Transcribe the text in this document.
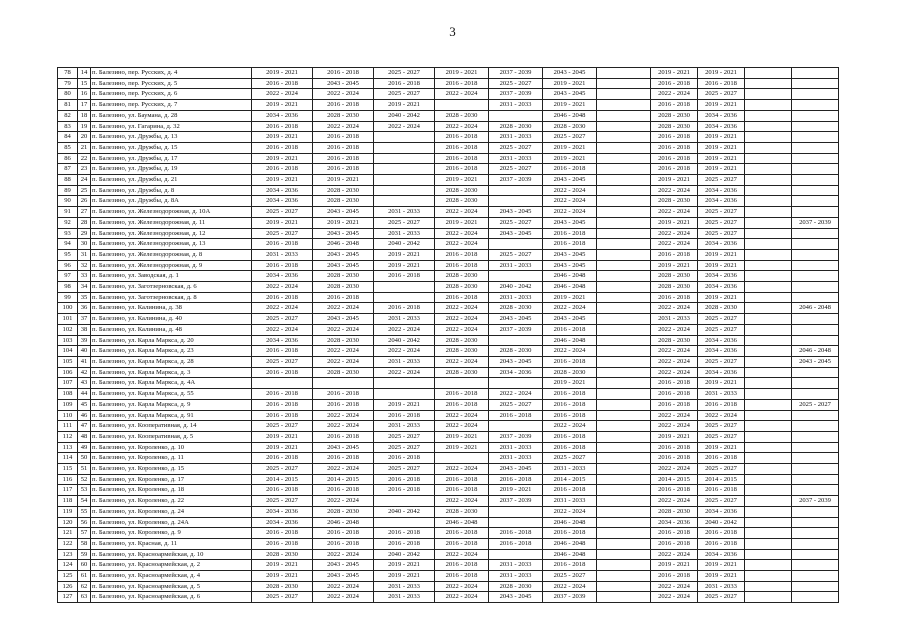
3
78	14	п. Балезино, пер. Русских, д. 4	2019 - 2021	2016 - 2018	2025 - 2027	2019 - 2021	2037 - 2039	2043 - 2045		2019 - 2021	2019 - 2021		
79	15	п. Балезино, пер. Русских, д. 5	2016 - 2018	2043 - 2045	2016 - 2018	2016 - 2018	2025 - 2027	2019 - 2021		2016 - 2018	2016 - 2018		
80	16	п. Балезино, пер. Русских, д. 6	2022 - 2024	2022 - 2024	2025 - 2027	2022 - 2024	2037 - 2039	2043 - 2045		2022 - 2024	2025 - 2027		
81	17	п. Балезино, пер. Русских, д. 7	2019 - 2021	2016 - 2018	2019 - 2021		2031 - 2033	2019 - 2021		2016 - 2018	2019 - 2021		
82	18	п. Балезино, ул. Баумана, д. 28	2034 - 2036	2028 - 2030	2040 - 2042	2028 - 2030		2046 - 2048		2028 - 2030	2034 - 2036		
83	19	п. Балезино, ул. Гагарина, д. 32	2016 - 2018	2022 - 2024	2022 - 2024	2022 - 2024	2028 - 2030	2028 - 2030		2028 - 2030	2034 - 2036		
84	20	п. Балезино, ул. Дружбы, д. 13	2019 - 2021	2016 - 2018		2016 - 2018	2031 - 2033	2025 - 2027		2016 - 2018	2019 - 2021		
85	21	п. Балезино, ул. Дружбы, д. 15	2016 - 2018	2016 - 2018		2016 - 2018	2025 - 2027	2019 - 2021		2016 - 2018	2019 - 2021		
86	22	п. Балезино, ул. Дружбы, д. 17	2019 - 2021	2016 - 2018		2016 - 2018	2031 - 2033	2019 - 2021		2016 - 2018	2019 - 2021		
87	23	п. Балезино, ул. Дружбы, д. 19	2016 - 2018	2016 - 2018		2016 - 2018	2025 - 2027	2016 - 2018		2016 - 2018	2019 - 2021		
88	24	п. Балезино, ул. Дружбы, д. 21	2019 - 2021	2019 - 2021		2019 - 2021	2037 - 2039	2043 - 2045		2019 - 2021	2025 - 2027		
89	25	п. Балезино, ул. Дружбы, д. 8	2034 - 2036	2028 - 2030		2028 - 2030		2022 - 2024		2022 - 2024	2034 - 2036		
90	26	п. Балезино, ул. Дружбы, д. 8А	2034 - 2036	2028 - 2030		2028 - 2030		2022 - 2024		2028 - 2030	2034 - 2036		
91	27	п. Балезино, ул. Железнодорожная, д. 10А	2025 - 2027	2043 - 2045	2031 - 2033	2022 - 2024	2043 - 2045	2022 - 2024		2022 - 2024	2025 - 2027		
92	28	п. Балезино, ул. Железнодорожная, д. 11	2019 - 2021	2019 - 2021	2025 - 2027	2019 - 2021	2025 - 2027	2043 - 2045		2019 - 2021	2025 - 2027		2037 - 2039
93	29	п. Балезино, ул. Железнодорожная, д. 12	2025 - 2027	2043 - 2045	2031 - 2033	2022 - 2024	2043 - 2045	2016 - 2018		2022 - 2024	2025 - 2027		
94	30	п. Балезино, ул. Железнодорожная, д. 13	2016 - 2018	2046 - 2048	2040 - 2042	2022 - 2024		2016 - 2018		2022 - 2024	2034 - 2036		
95	31	п. Балезино, ул. Железнодорожная, д. 8	2031 - 2033	2043 - 2045	2019 - 2021	2016 - 2018	2025 - 2027	2043 - 2045		2016 - 2018	2019 - 2021		
96	32	п. Балезино, ул. Железнодорожная, д. 9	2016 - 2018	2043 - 2045	2019 - 2021	2016 - 2018	2031 - 2033	2043 - 2045		2019 - 2021	2019 - 2021		
97	33	п. Балезино, ул. Заводская, д. 1	2034 - 2036	2028 - 2030	2016 - 2018	2028 - 2030		2046 - 2048		2028 - 2030	2034 - 2036		
98	34	п. Балезино, ул. Заготзерновская, д. 6	2022 - 2024	2028 - 2030		2028 - 2030	2040 - 2042	2046 - 2048		2028 - 2030	2034 - 2036		
99	35	п. Балезино, ул. Заготзерновская, д. 8	2016 - 2018	2016 - 2018		2016 - 2018	2031 - 2033	2019 - 2021		2016 - 2018	2019 - 2021		
100	36	п. Балезино, ул. Калинина, д. 38	2022 - 2024	2022 - 2024	2016 - 2018	2022 - 2024	2028 - 2030	2022 - 2024		2022 - 2024	2028 - 2030		2046 - 2048
101	37	п. Балезино, ул. Калинина, д. 40	2025 - 2027	2043 - 2045	2031 - 2033	2022 - 2024	2043 - 2045	2043 - 2045		2031 - 2033	2025 - 2027		
102	38	п. Балезино, ул. Калинина, д. 48	2022 - 2024	2022 - 2024	2022 - 2024	2022 - 2024	2037 - 2039	2016 - 2018		2022 - 2024	2025 - 2027		
103	39	п. Балезино, ул. Карла Маркса, д. 20	2034 - 2036	2028 - 2030	2040 - 2042	2028 - 2030		2046 - 2048		2028 - 2030	2034 - 2036		
104	40	п. Балезино, ул. Карла Маркса, д. 23	2016 - 2018	2022 - 2024	2022 - 2024	2028 - 2030	2028 - 2030	2022 - 2024		2022 - 2024	2034 - 2036		2046 - 2048
105	41	п. Балезино, ул. Карла Маркса, д. 28	2025 - 2027	2022 - 2024	2031 - 2033	2022 - 2024	2043 - 2045	2016 - 2018		2022 - 2024	2025 - 2027		2043 - 2045
106	42	п. Балезино, ул. Карла Маркса, д. 3	2016 - 2018	2028 - 2030	2022 - 2024	2028 - 2030	2034 - 2036	2028 - 2030		2022 - 2024	2034 - 2036		
107	43	п. Балезино, ул. Карла Маркса, д. 4А						2019 - 2021		2016 - 2018	2019 - 2021		
108	44	п. Балезино, ул. Карла Маркса, д. 55	2016 - 2018	2016 - 2018		2016 - 2018	2022 - 2024	2016 - 2018		2016 - 2018	2031 - 2033		
109	45	п. Балезино, ул. Карла Маркса, д. 9	2016 - 2018	2016 - 2018	2019 - 2021	2016 - 2018	2025 - 2027	2016 - 2018		2016 - 2018	2016 - 2018		2025 - 2027
110	46	п. Балезино, ул. Карла Маркса, д. 91	2016 - 2018	2022 - 2024	2016 - 2018	2022 - 2024	2016 - 2018	2016 - 2018		2022 - 2024	2022 - 2024		
111	47	п. Балезино, ул. Кооперативная, д. 14	2025 - 2027	2022 - 2024	2031 - 2033	2022 - 2024		2022 - 2024		2022 - 2024	2025 - 2027		
112	48	п. Балезино, ул. Кооперативная, д. 5	2019 - 2021	2016 - 2018	2025 - 2027	2019 - 2021	2037 - 2039	2016 - 2018		2019 - 2021	2025 - 2027		
113	49	п. Балезино, ул. Короленко, д. 10	2019 - 2021	2043 - 2045	2025 - 2027	2019 - 2021	2031 - 2033	2016 - 2018		2016 - 2018	2019 - 2021		
114	50	п. Балезино, ул. Короленко, д. 11	2016 - 2018	2016 - 2018	2016 - 2018		2031 - 2033	2025 - 2027		2016 - 2018	2016 - 2018		
115	51	п. Балезино, ул. Короленко, д. 15	2025 - 2027	2022 - 2024	2025 - 2027	2022 - 2024	2043 - 2045	2031 - 2033		2022 - 2024	2025 - 2027		
116	52	п. Балезино, ул. Короленко, д. 17	2014 - 2015	2014 - 2015	2016 - 2018	2016 - 2018	2016 - 2018	2014 - 2015		2014 - 2015	2014 - 2015		
117	53	п. Балезино, ул. Короленко, д. 18	2016 - 2018	2016 - 2018	2016 - 2018	2016 - 2018	2019 - 2021	2016 - 2018		2016 - 2018	2016 - 2018		
118	54	п. Балезино, ул. Короленко, д. 22	2025 - 2027	2022 - 2024		2022 - 2024	2037 - 2039	2031 - 2033		2022 - 2024	2025 - 2027		2037 - 2039
119	55	п. Балезино, ул. Короленко, д. 24	2034 - 2036	2028 - 2030	2040 - 2042	2028 - 2030		2022 - 2024		2028 - 2030	2034 - 2036		
120	56	п. Балезино, ул. Короленко, д. 24А	2034 - 2036	2046 - 2048		2046 - 2048		2046 - 2048		2034 - 2036	2040 - 2042		
121	57	п. Балезино, ул. Короленко, д. 9	2016 - 2018	2016 - 2018	2016 - 2018	2016 - 2018	2016 - 2018	2016 - 2018		2016 - 2018	2016 - 2018		
122	58	п. Балезино, ул. Красная, д. 11	2016 - 2018	2016 - 2018	2016 - 2018	2016 - 2018	2016 - 2018	2046 - 2048		2016 - 2018	2016 - 2018		
123	59	п. Балезино, ул. Красноармейская, д. 10	2028 - 2030	2022 - 2024	2040 - 2042	2022 - 2024		2046 - 2048		2022 - 2024	2034 - 2036		
124	60	п. Балезино, ул. Красноармейская, д. 2	2019 - 2021	2043 - 2045	2019 - 2021	2016 - 2018	2031 - 2033	2016 - 2018		2019 - 2021	2019 - 2021		
125	61	п. Балезино, ул. Красноармейская, д. 4	2019 - 2021	2043 - 2045	2019 - 2021	2016 - 2018	2031 - 2033	2025 - 2027		2016 - 2018	2019 - 2021		
126	62	п. Балезино, ул. Красноармейская, д. 5	2028 - 2030	2022 - 2024	2031 - 2033	2022 - 2024	2028 - 2030	2022 - 2024		2022 - 2024	2031 - 2033		
127	63	п. Балезино, ул. Красноармейская, д. 6	2025 - 2027	2022 - 2024	2031 - 2033	2022 - 2024	2043 - 2045	2037 - 2039		2022 - 2024	2025 - 2027		
